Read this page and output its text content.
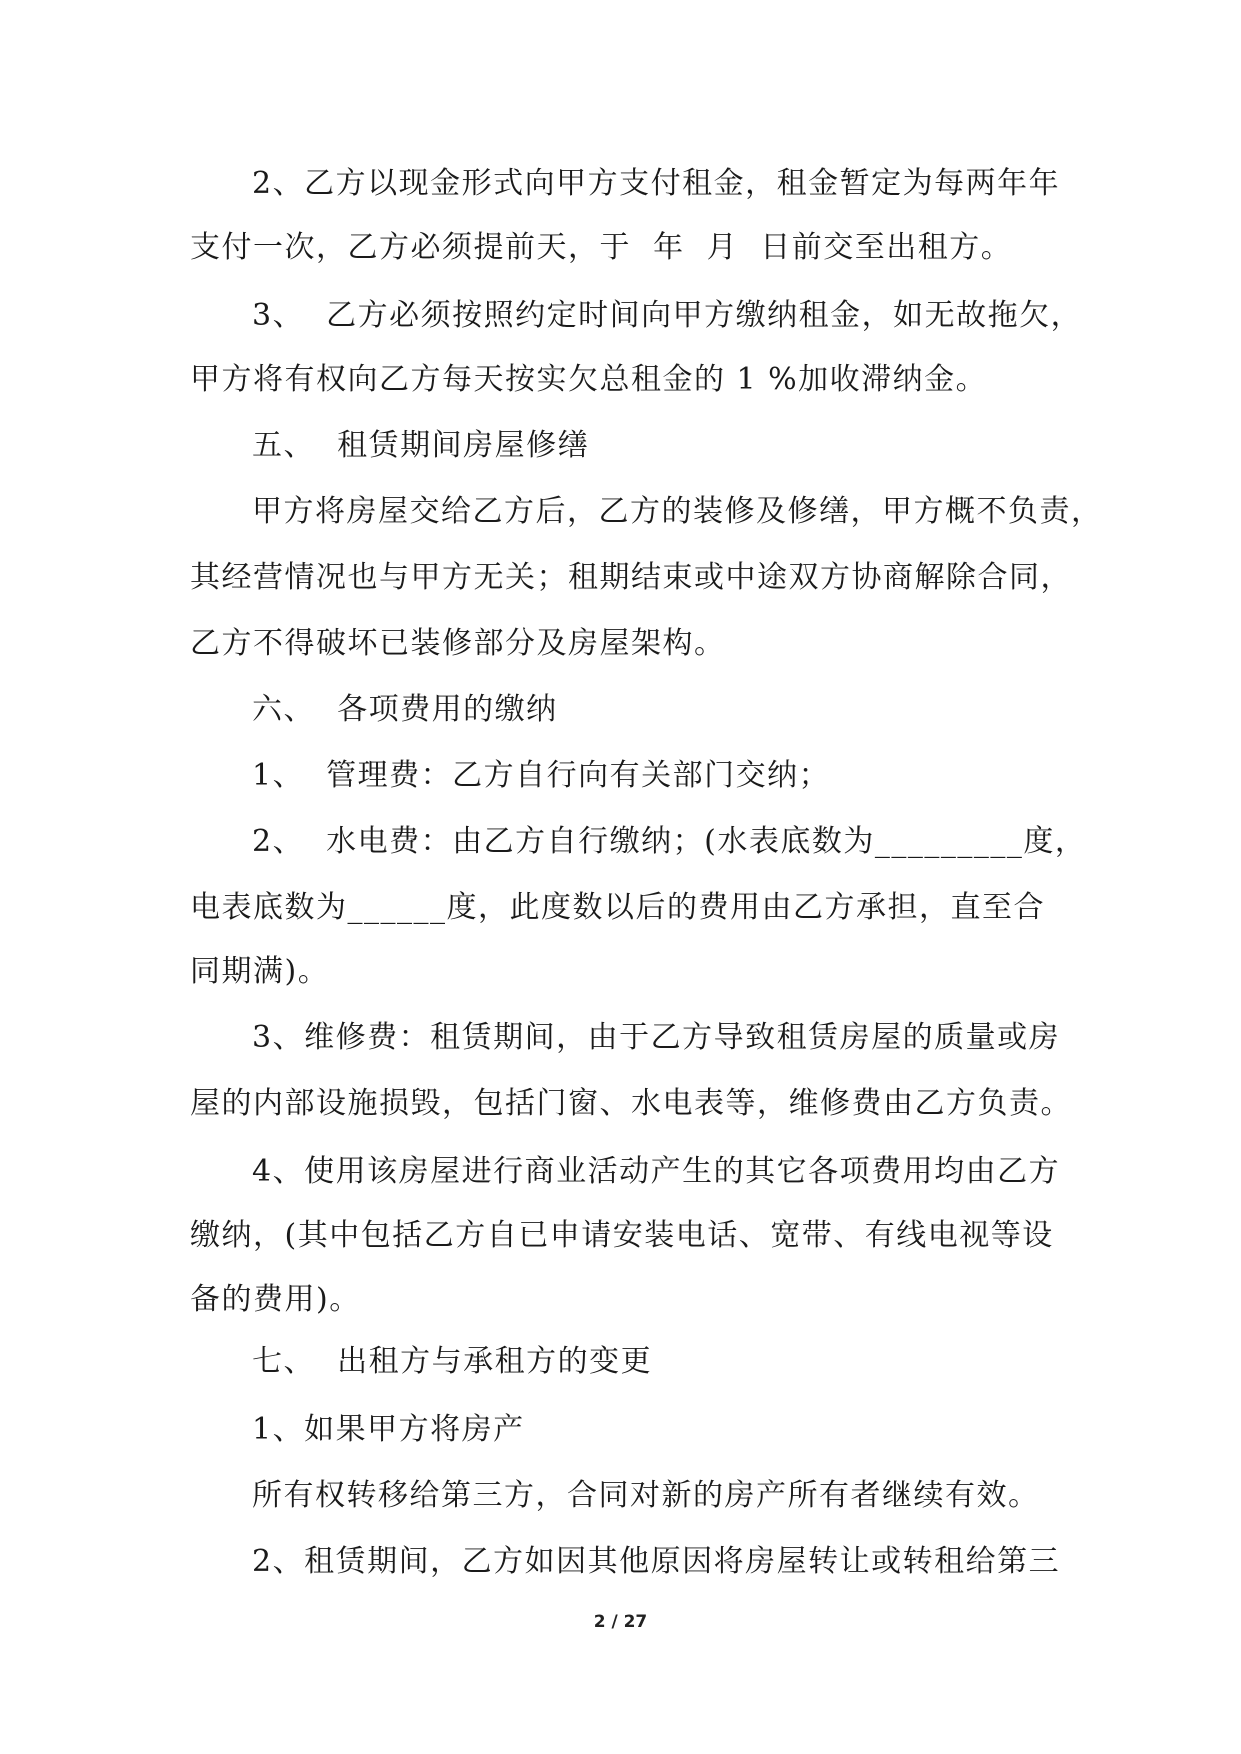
2、乙方以现金形式向甲方支付租金，租金暂定为每两年年
支付一次，乙方必须提前天，于  年  月  日前交至出租方。
3、  乙方必须按照约定时间向甲方缴纳租金，如无故拖欠，
甲方将有权向乙方每天按实欠总租金的 1 %加收滞纳金。
五、  租赁期间房屋修缮
甲方将房屋交给乙方后，乙方的装修及修缮，甲方概不负责，
其经营情况也与甲方无关；租期结束或中途双方协商解除合同，
乙方不得破坏已装修部分及房屋架构。
六、  各项费用的缴纳
1、  管理费：乙方自行向有关部门交纳；
2、  水电费：由乙方自行缴纳；(水表底数为_________度，
电表底数为______度，此度数以后的费用由乙方承担，直至合
同期满)。
3、维修费：租赁期间，由于乙方导致租赁房屋的质量或房
屋的内部设施损毁，包括门窗、水电表等，维修费由乙方负责。
4、使用该房屋进行商业活动产生的其它各项费用均由乙方
缴纳，(其中包括乙方自已申请安装电话、宽带、有线电视等设
备的费用)。
七、  出租方与承租方的变更
1、如果甲方将房产
所有权转移给第三方，合同对新的房产所有者继续有效。
2、租赁期间，乙方如因其他原因将房屋转让或转租给第三
2 / 27
